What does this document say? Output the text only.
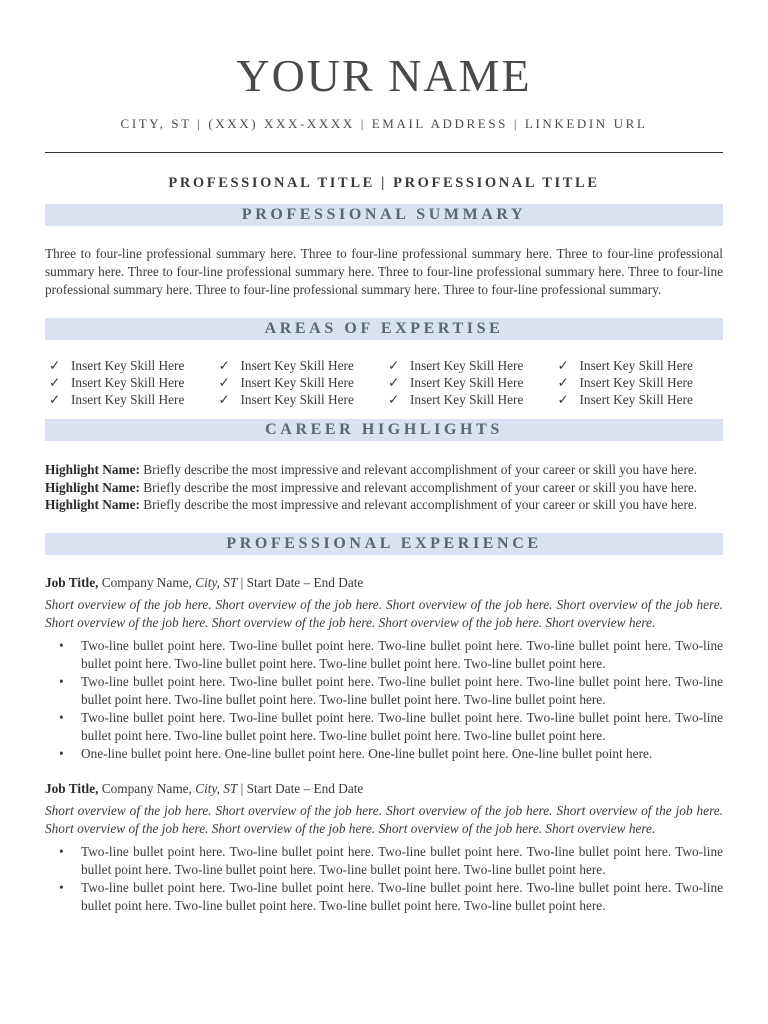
YOUR NAME
CITY, ST | (XXX) XXX-XXXX | EMAIL ADDRESS | LINKEDIN URL
PROFESSIONAL TITLE | PROFESSIONAL TITLE
PROFESSIONAL SUMMARY
Three to four-line professional summary here. Three to four-line professional summary here. Three to four-line professional summary here. Three to four-line professional summary here. Three to four-line professional summary here. Three to four-line professional summary here. Three to four-line professional summary here. Three to four-line professional summary.
AREAS OF EXPERTISE
✓ Insert Key Skill Here
✓ Insert Key Skill Here
✓ Insert Key Skill Here
✓ Insert Key Skill Here
✓ Insert Key Skill Here
✓ Insert Key Skill Here
✓ Insert Key Skill Here
✓ Insert Key Skill Here
✓ Insert Key Skill Here
✓ Insert Key Skill Here
✓ Insert Key Skill Here
✓ Insert Key Skill Here
CAREER HIGHLIGHTS
Highlight Name: Briefly describe the most impressive and relevant accomplishment of your career or skill you have here.
Highlight Name: Briefly describe the most impressive and relevant accomplishment of your career or skill you have here.
Highlight Name: Briefly describe the most impressive and relevant accomplishment of your career or skill you have here.
PROFESSIONAL EXPERIENCE
Job Title, Company Name, City, ST | Start Date – End Date
Short overview of the job here. Short overview of the job here. Short overview of the job here. Short overview of the job here. Short overview of the job here. Short overview of the job here. Short overview of the job here. Short overview here.
• Two-line bullet point here. Two-line bullet point here. Two-line bullet point here. Two-line bullet point here. Two-line bullet point here. Two-line bullet point here. Two-line bullet point here. Two-line bullet point here.
• Two-line bullet point here. Two-line bullet point here. Two-line bullet point here. Two-line bullet point here. Two-line bullet point here. Two-line bullet point here. Two-line bullet point here. Two-line bullet point here.
• Two-line bullet point here. Two-line bullet point here. Two-line bullet point here. Two-line bullet point here. Two-line bullet point here. Two-line bullet point here. Two-line bullet point here. Two-line bullet point here.
• One-line bullet point here. One-line bullet point here. One-line bullet point here. One-line bullet point here.
Job Title, Company Name, City, ST | Start Date – End Date
Short overview of the job here. Short overview of the job here. Short overview of the job here. Short overview of the job here. Short overview of the job here. Short overview of the job here. Short overview of the job here. Short overview here.
• Two-line bullet point here. Two-line bullet point here. Two-line bullet point here. Two-line bullet point here. Two-line bullet point here. Two-line bullet point here. Two-line bullet point here. Two-line bullet point here.
• Two-line bullet point here. Two-line bullet point here. Two-line bullet point here. Two-line bullet point here. Two-line bullet point here. Two-line bullet point here. Two-line bullet point here. Two-line bullet point here.
